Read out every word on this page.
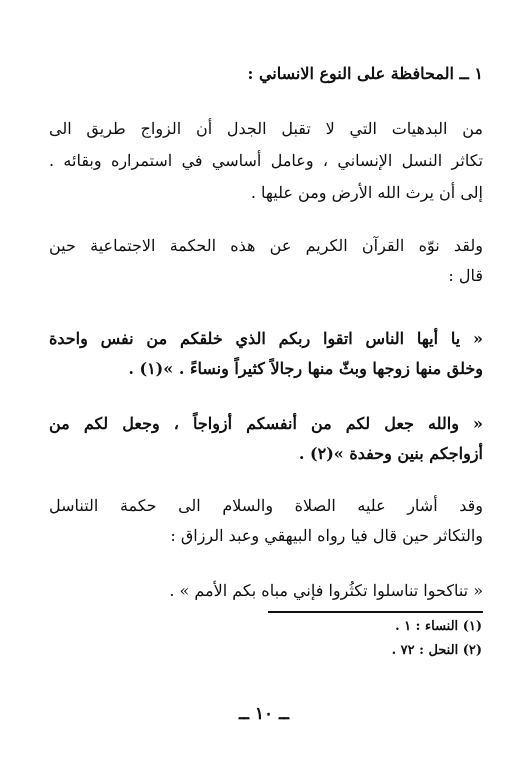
١ ــ المحافظة على النوع الانساني :
من البدهيات التي لا تقبل الجدل أن الزواج طريق الى
تكاثر النسل الإنساني ، وعامل أساسي في استمراره وبقائه .
إلى أن يرث الله الأرض ومن عليها .
ولقد نوّه القرآن الكريم عن هذه الحكمة الاجتماعية حين
قال :
« يا أيها الناس اتقوا ربكم الذي خلقكم من نفس واحدة
وخلق منها زوجها وبثّ منها رجالاً كثيراً ونساءً . »(١) .
« والله جعل لكم من أنفسكم أزواجاً ، وجعل لكم من
أزواجكم بنين وحفدة »(٢) .
وقد أشار عليه الصلاة والسلام الى حكمة التناسل
والتكاثر حين قال فيا رواه البيهقي وعبد الرزاق :
« تناكحوا تناسلوا تكثُروا فإني مباه بكم الأمم » .
(١) النساء : ١ .
(٢) النحل : ٧٢ .
ــ ١٠ ــ
